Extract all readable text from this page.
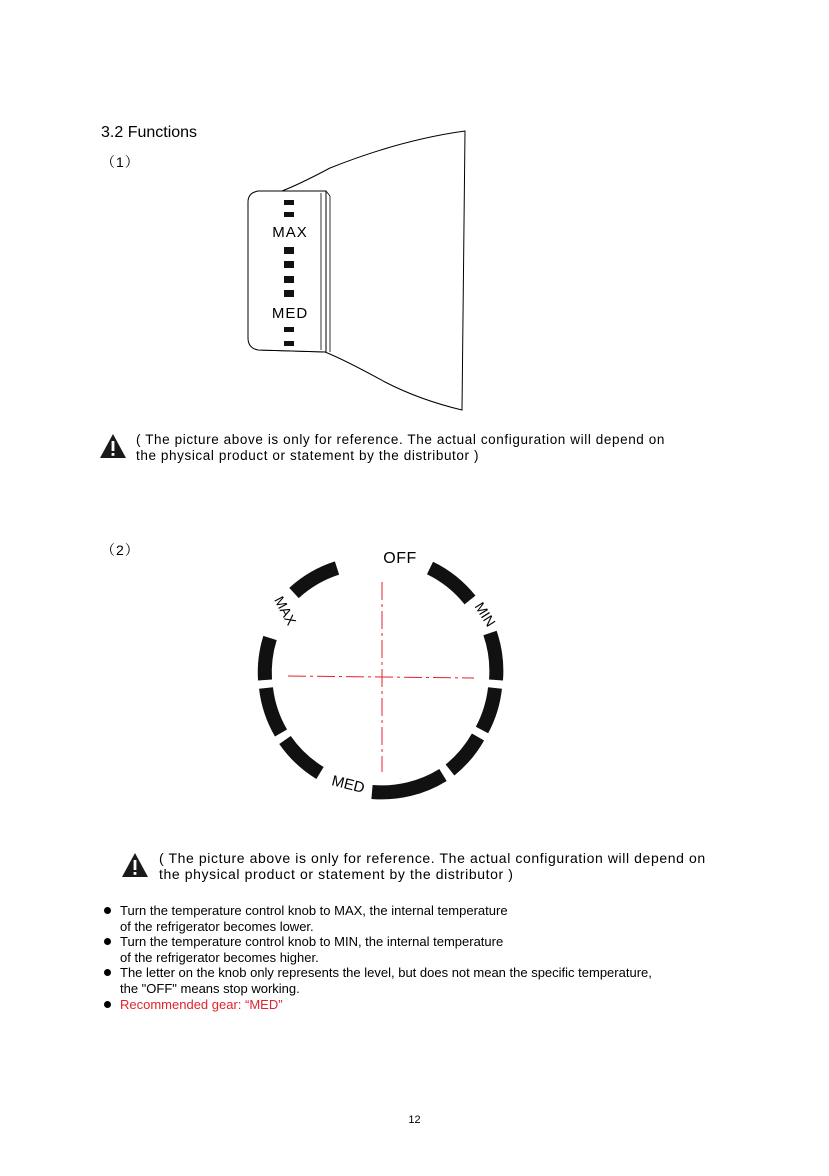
3.2 Functions
（1）
MAX
MED
( The picture above is only for reference. The actual configuration will depend on
the physical product or statement by the distributor )
（2）	OFF
MAX	MIN
MED
( The picture above is only for reference. The actual configuration will depend on
the physical product or statement by the distributor )
Turn the temperature control knob to MAX, the internal temperature
of the refrigerator becomes lower.
Turn the temperature control knob to MIN, the internal temperature
of the refrigerator becomes higher.
The letter on the knob only represents the level, but does not mean the specific temperature,
the "OFF" means stop working.
Recommended gear: “MED”
12
